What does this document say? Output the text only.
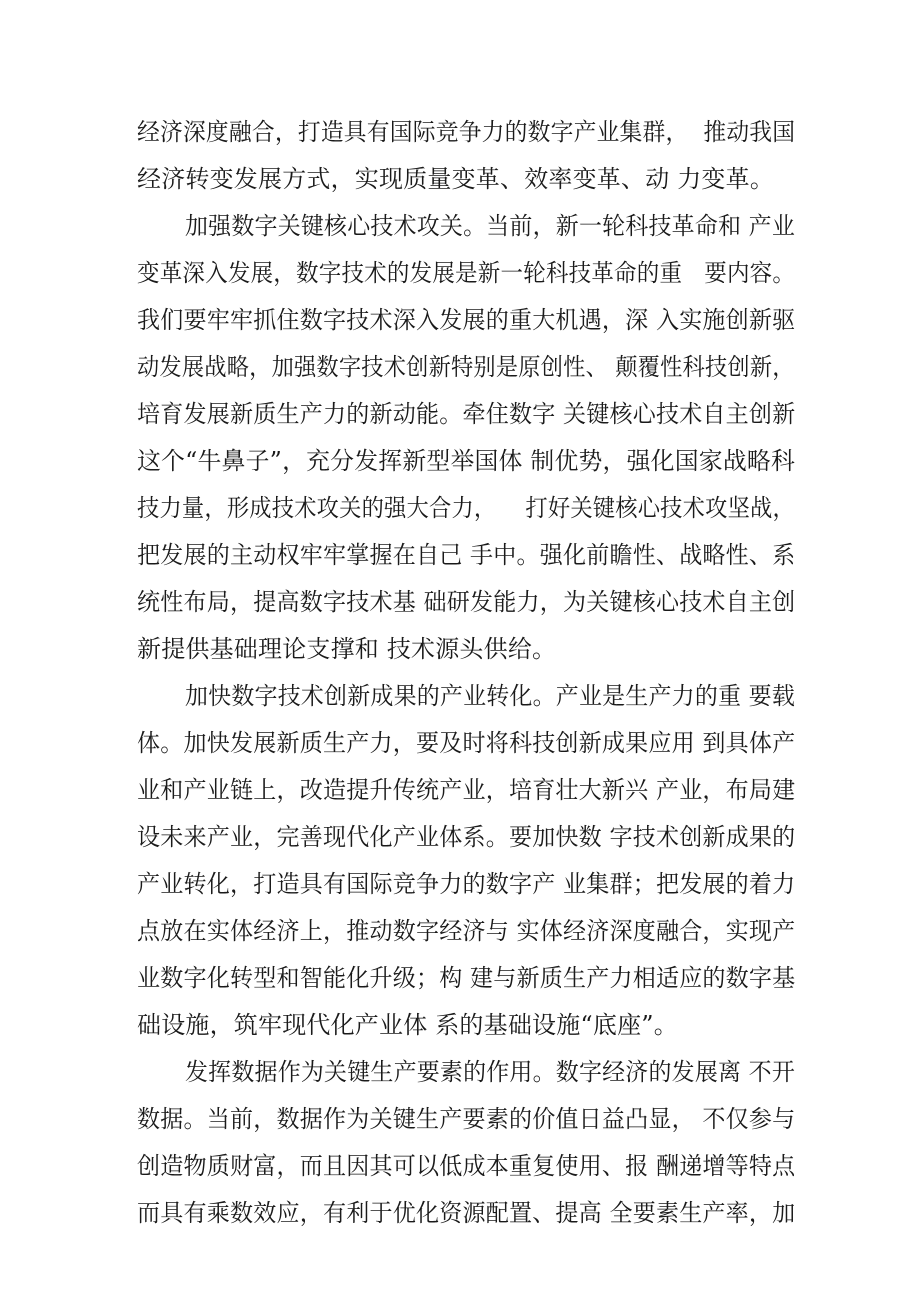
经济深度融合，打造具有国际竞争力的数字产业集群，  推动我国
经济转变发展方式，实现质量变革、效率变革、动 力变革。
加强数字关键核心技术攻关。当前，新一轮科技革命和 产业
变革深入发展，数字技术的发展是新一轮科技革命的重   要内容。
我们要牢牢抓住数字技术深入发展的重大机遇，深 入实施创新驱
动发展战略，加强数字技术创新特别是原创性、 颠覆性科技创新，
培育发展新质生产力的新动能。牵住数字 关键核心技术自主创新
这个“牛鼻子”，充分发挥新型举国体 制优势，强化国家战略科
技力量，形成技术攻关的强大合力，    打好关键核心技术攻坚战，
把发展的主动权牢牢掌握在自己 手中。强化前瞻性、战略性、系
统性布局，提高数字技术基 础研发能力，为关键核心技术自主创
新提供基础理论支撑和 技术源头供给。
加快数字技术创新成果的产业转化。产业是生产力的重 要载
体。加快发展新质生产力，要及时将科技创新成果应用 到具体产
业和产业链上，改造提升传统产业，培育壮大新兴 产业，布局建
设未来产业，完善现代化产业体系。要加快数 字技术创新成果的
产业转化，打造具有国际竞争力的数字产 业集群；把发展的着力
点放在实体经济上，推动数字经济与 实体经济深度融合，实现产
业数字化转型和智能化升级；构 建与新质生产力相适应的数字基
础设施，筑牢现代化产业体 系的基础设施“底座”。
发挥数据作为关键生产要素的作用。数字经济的发展离 不开
数据。当前，数据作为关键生产要素的价值日益凸显， 不仅参与
创造物质财富，而且因其可以低成本重复使用、报 酬递增等特点
而具有乘数效应，有利于优化资源配置、提高 全要素生产率，加
